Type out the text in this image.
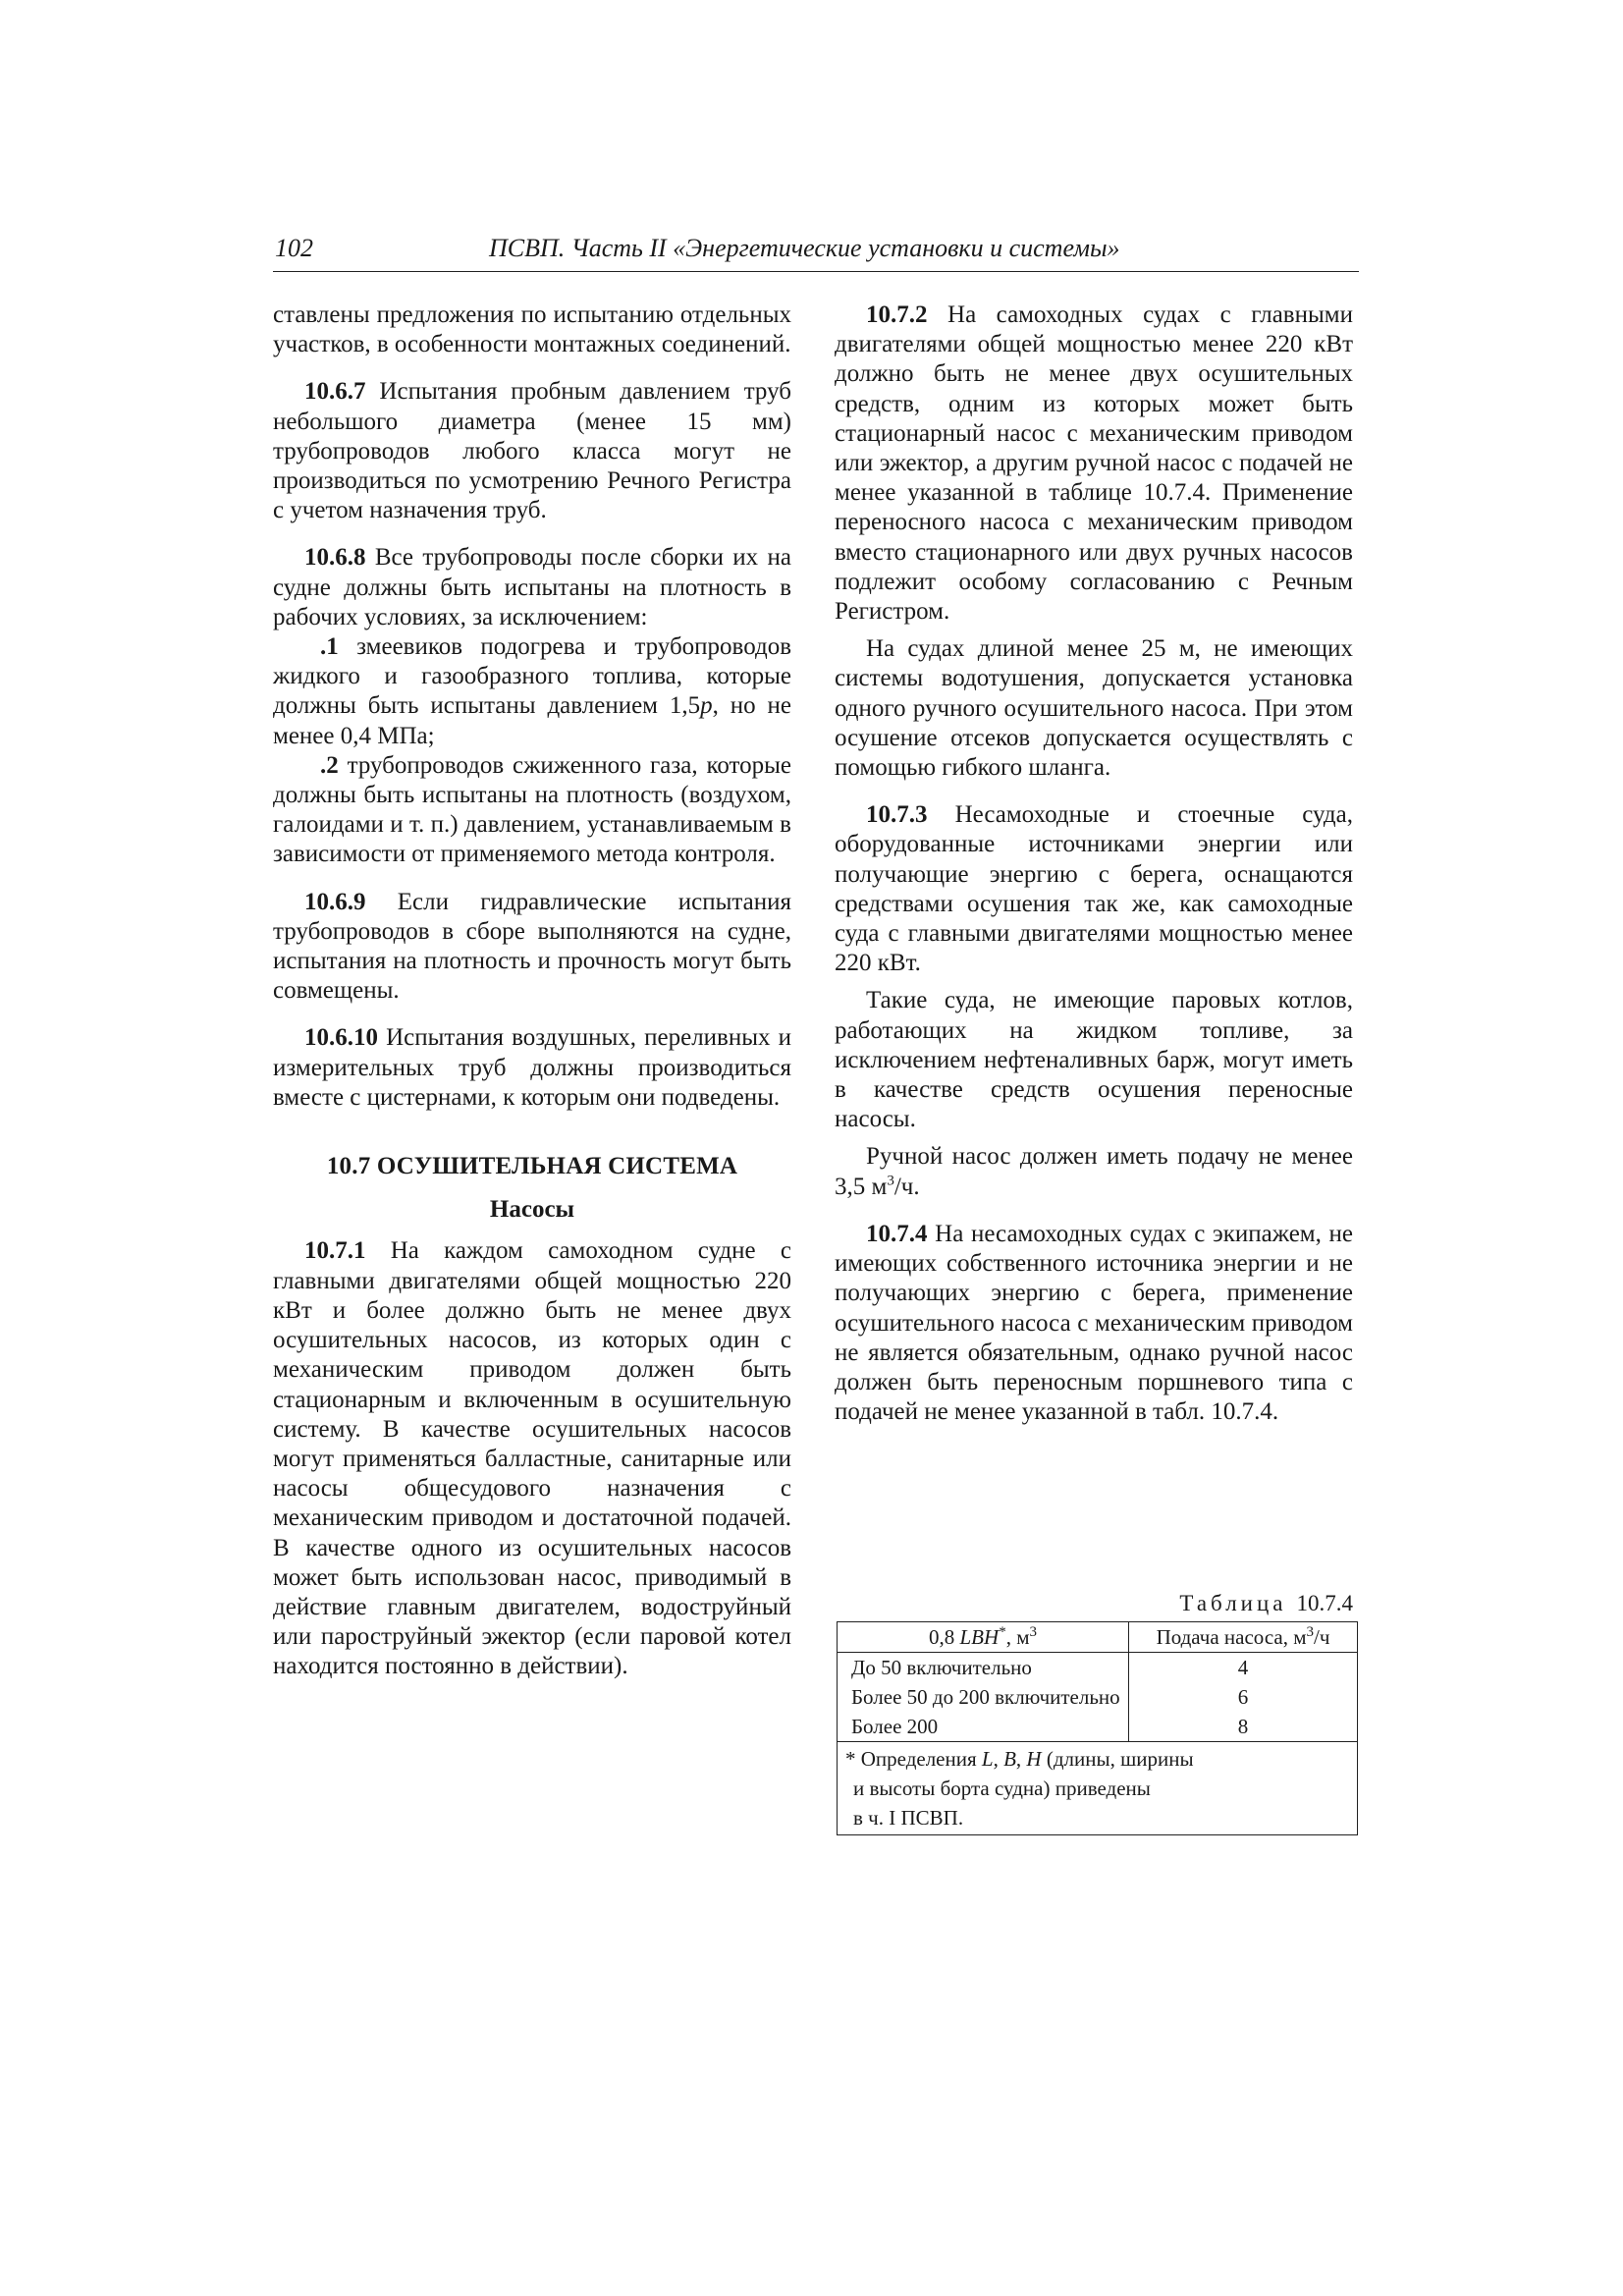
102	ПСВП. Часть II «Энергетические установки и системы»

ставлены предложения по испытанию отдельных участков, в особенности монтажных соединений.

10.6.7 Испытания пробным давлением труб небольшого диаметра (менее 15 мм) трубопроводов любого класса могут не производиться по усмотрению Речного Регистра с учетом назначения труб.

10.6.8 Все трубопроводы после сборки их на судне должны быть испытаны на плотность в рабочих условиях, за исключением:

.1 змеевиков подогрева и трубопроводов жидкого и газообразного топлива, которые должны быть испытаны давлением 1,5p, но не менее 0,4 МПа;

.2 трубопроводов сжиженного газа, которые должны быть испытаны на плотность (воздухом, галоидами и т. п.) давлением, устанавливаемым в зависимости от применяемого метода контроля.

10.6.9 Если гидравлические испытания трубопроводов в сборе выполняются на судне, испытания на плотность и прочность могут быть совмещены.

10.6.10 Испытания воздушных, переливных и измерительных труб должны производиться вместе с цистернами, к которым они подведены.

10.7 ОСУШИТЕЛЬНАЯ СИСТЕМА
Насосы

10.7.1 На каждом самоходном судне с главными двигателями общей мощностью 220 кВт и более должно быть не менее двух осушительных насосов, из которых один с механическим приводом должен быть стационарным и включенным в осушительную систему. В качестве осушительных насосов могут применяться балластные, санитарные или насосы общесудового назначения с механическим приводом и достаточной подачей. В качестве одного из осушительных насосов может быть использован насос, приводимый в действие главным двигателем, водоструйный или пароструйный эжектор (если паровой котел находится постоянно в действии).

10.7.2 На самоходных судах с главными двигателями общей мощностью менее 220 кВт должно быть не менее двух осушительных средств, одним из которых может быть стационарный насос с механическим приводом или эжектор, а другим ручной насос с подачей не менее указанной в таблице 10.7.4. Применение переносного насоса с механическим приводом вместо стационарного или двух ручных насосов подлежит особому согласованию с Речным Регистром.

На судах длиной менее 25 м, не имеющих системы водотушения, допускается установка одного ручного осушительного насоса. При этом осушение отсеков допускается осуществлять с помощью гибкого шланга.

10.7.3 Несамоходные и стоечные суда, оборудованные источниками энергии или получающие энергию с берега, оснащаются средствами осушения так же, как самоходные суда с главными двигателями мощностью менее 220 кВт.

Такие суда, не имеющие паровых котлов, работающих на жидком топливе, за исключением нефтеналивных барж, могут иметь в качестве средств осушения переносные насосы.

Ручной насос должен иметь подачу не менее 3,5 $м^3/ч$.

10.7.4 На несамоходных судах с экипажем, не имеющих собственного источника энергии и не получающих энергию с берега, применение осушительного насоса с механическим приводом не является обязательным, однако ручной насос должен быть переносным поршневого типа с подачей не менее указанной в табл. 10.7.4.

Таблица 10.7.4
0,8 LBH*, $м^3$	Подача насоса, $м^3/ч$
До 50 включительно	4
Более 50 до 200 включительно	6
Более 200	8

* Определения L, B, H (длины, ширины
и высоты борта судна) приведены
в ч. I ПСВП.	
